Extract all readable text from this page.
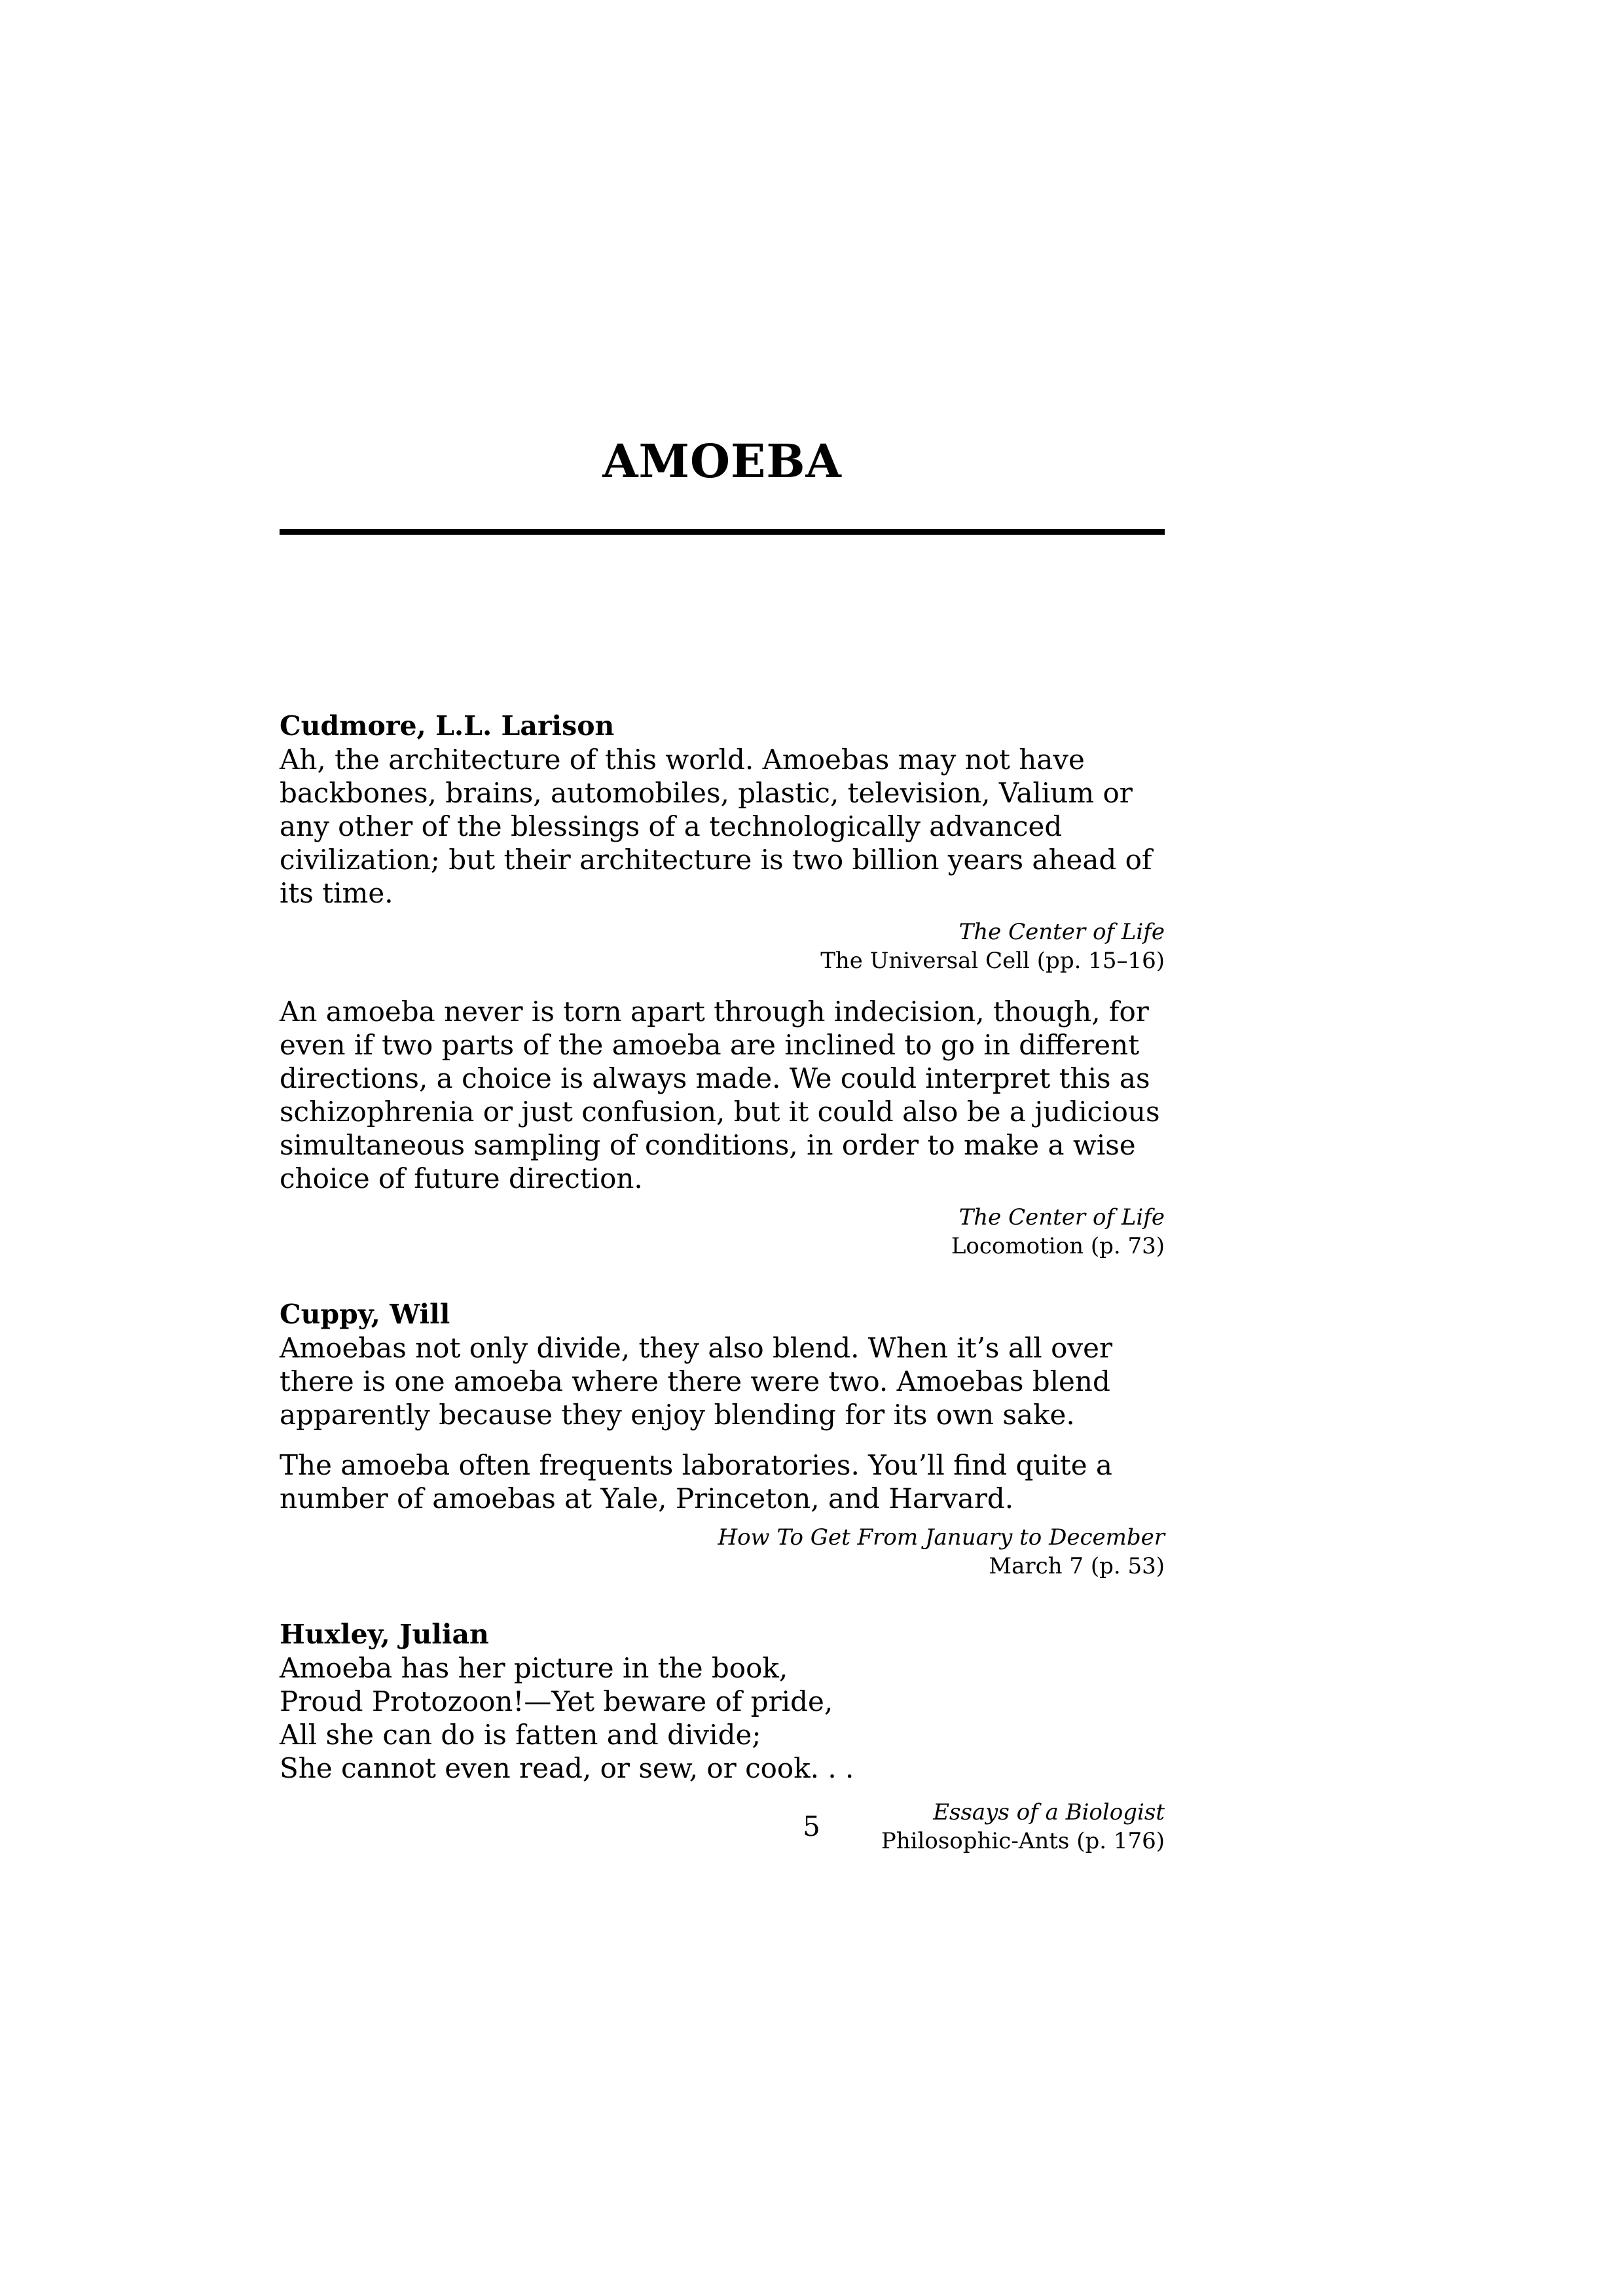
AMOEBA

Cudmore, L.L. Larison

Ah, the architecture of this world. Amoebas may not have backbones, brains, automobiles, plastic, television, Valium or any other of the blessings of a technologically advanced civilization; but their architecture is two billion years ahead of its time.

The Center of Life
The Universal Cell (pp. 15–16)

An amoeba never is torn apart through indecision, though, for even if two parts of the amoeba are inclined to go in different directions, a choice is always made. We could interpret this as schizophrenia or just confusion, but it could also be a judicious simultaneous sampling of conditions, in order to make a wise choice of future direction.

The Center of Life
Locomotion (p. 73)

Cuppy, Will

Amoebas not only divide, they also blend. When it’s all over there is one amoeba where there were two. Amoebas blend apparently because they enjoy blending for its own sake.

The amoeba often frequents laboratories. You’ll find quite a number of amoebas at Yale, Princeton, and Harvard.

How To Get From January to December
March 7 (p. 53)

Huxley, Julian

Amoeba has her picture in the book,
Proud Protozoon!—Yet beware of pride,
All she can do is fatten and divide;
She cannot even read, or sew, or cook. . .
Essays of a Biologist
Philosophic-Ants (p. 176)
5
